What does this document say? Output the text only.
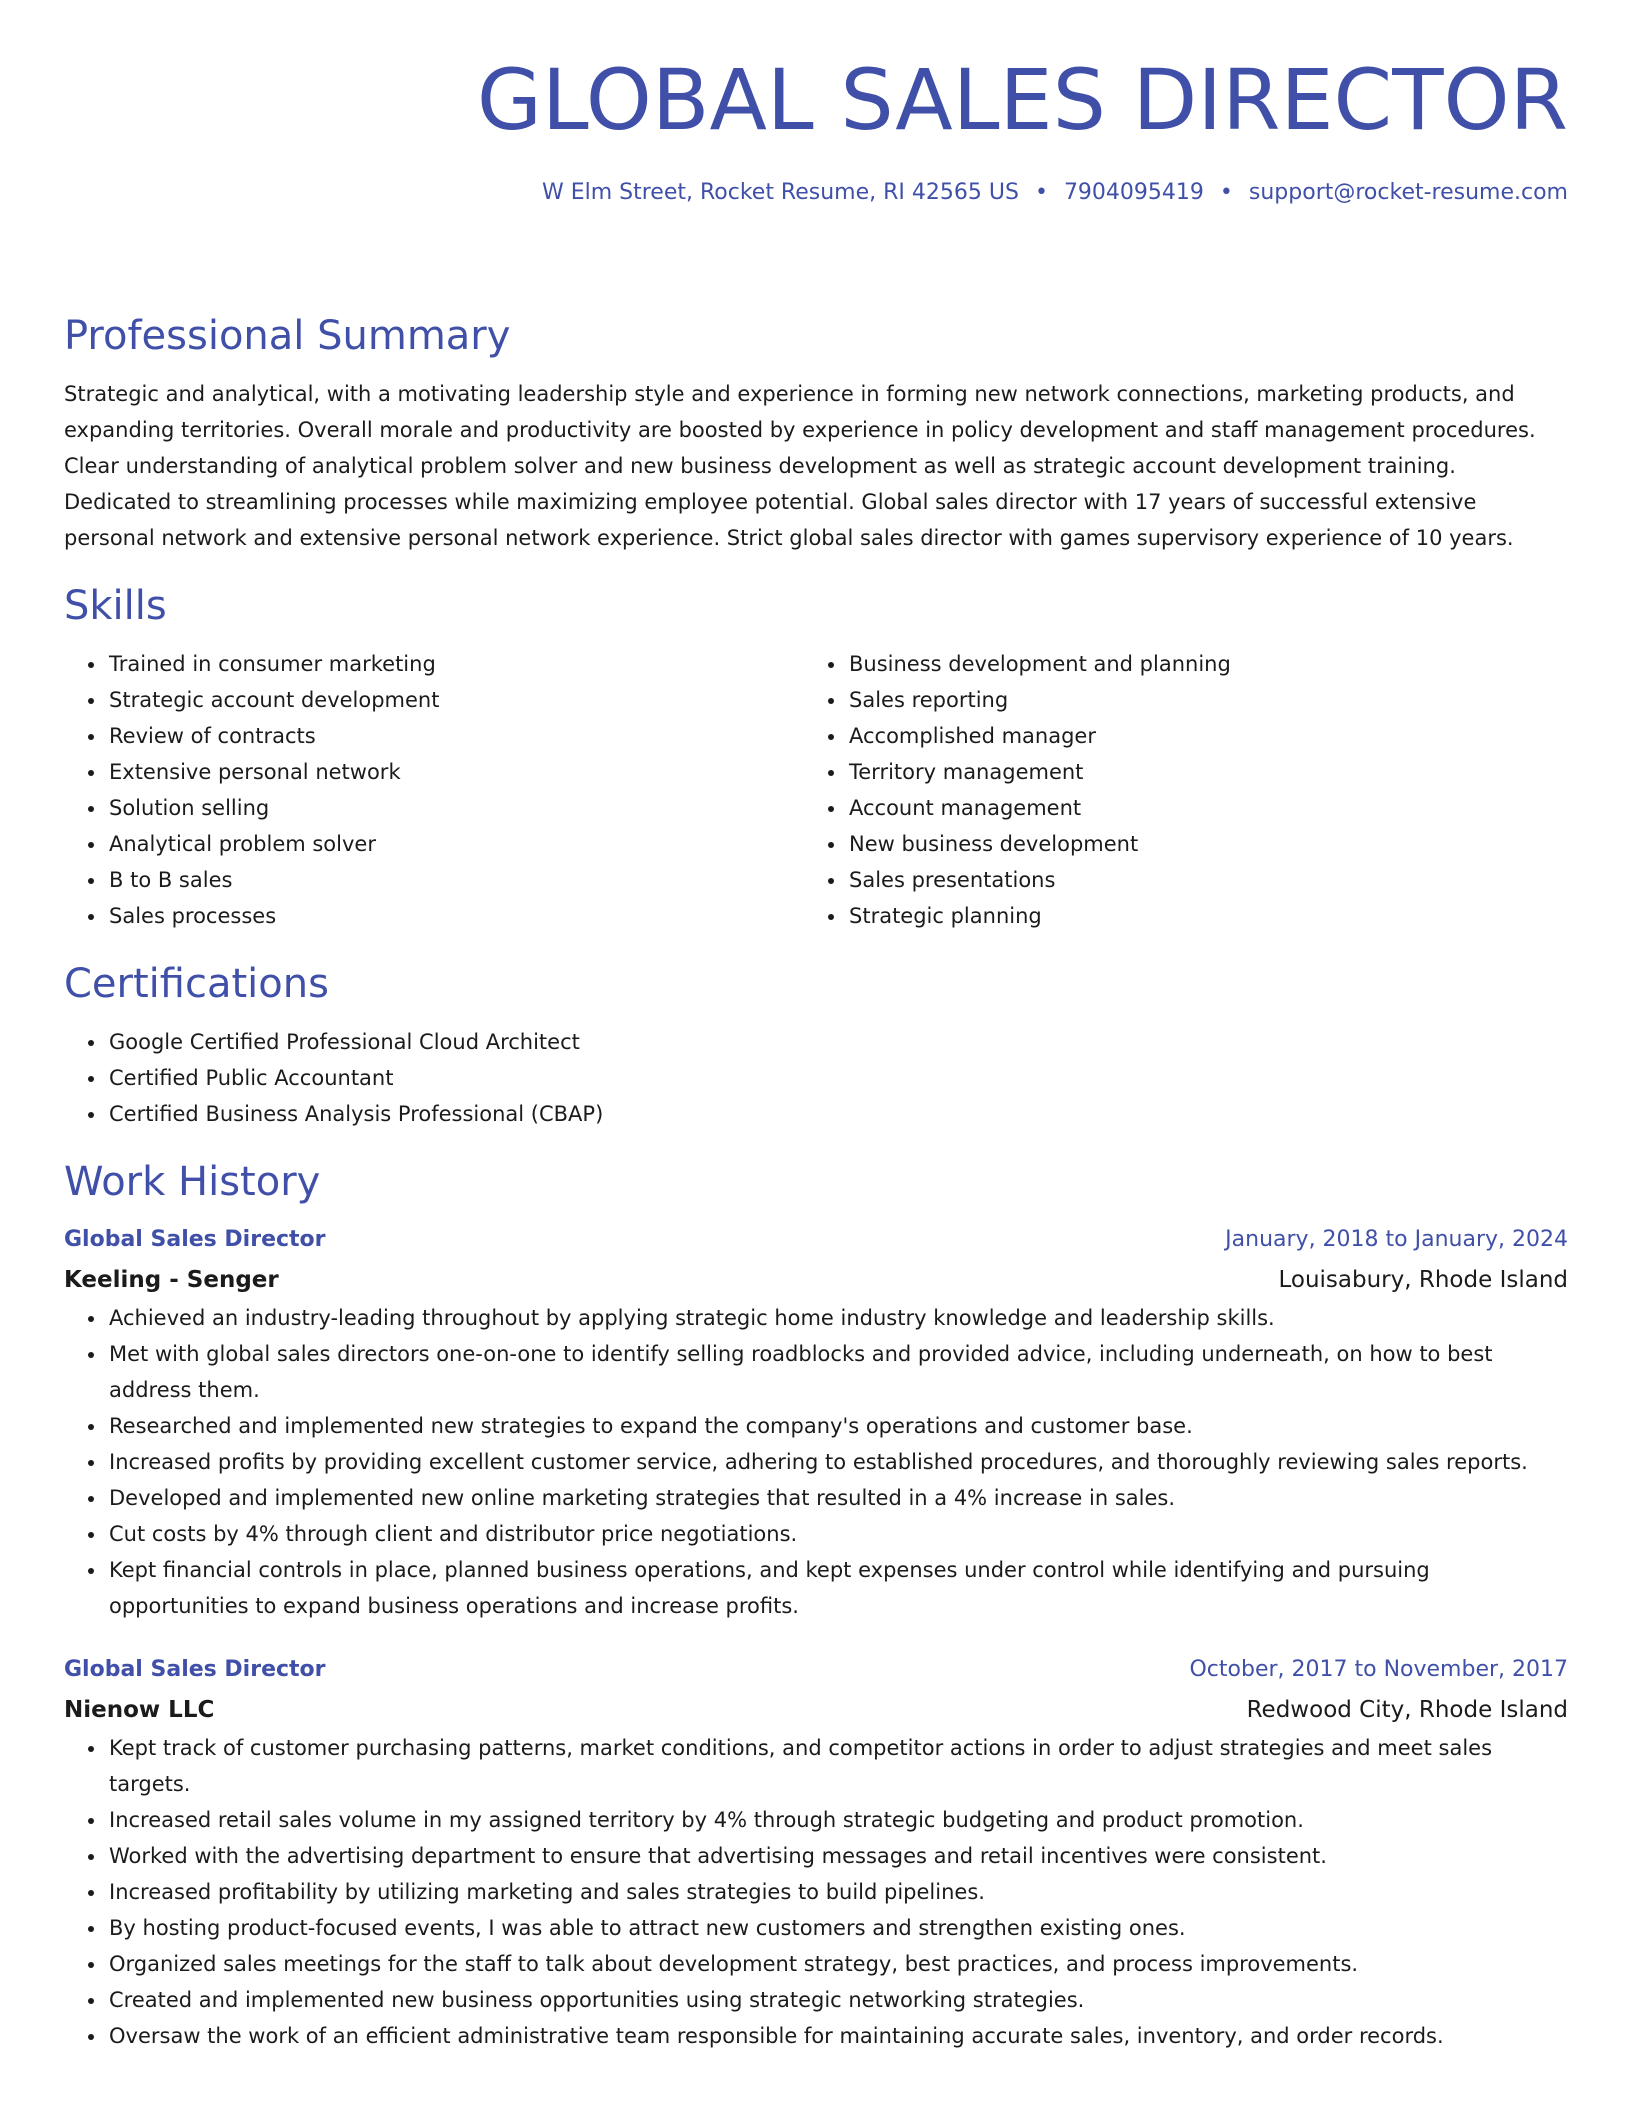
GLOBAL SALES DIRECTOR
W Elm Street, Rocket Resume, RI 42565 US • 7904095419 • support@rocket-resume.com
Professional Summary

Strategic and analytical, with a motivating leadership style and experience in forming new network connections, marketing products, and expanding territories. Overall morale and productivity are boosted by experience in policy development and staff management procedures. Clear understanding of analytical problem solver and new business development as well as strategic account development training. Dedicated to streamlining processes while maximizing employee potential. Global sales director with 17 years of successful extensive personal network and extensive personal network experience. Strict global sales director with games supervisory experience of 10 years.

Skills
• Trained in consumer marketing
• Strategic account development
• Review of contracts
• Extensive personal network
• Solution selling
• Analytical problem solver
• B to B sales
• Sales processes
• Business development and planning
• Sales reporting
• Accomplished manager
• Territory management
• Account management
• New business development
• Sales presentations
• Strategic planning
Certifications
• Google Certified Professional Cloud Architect
• Certified Public Accountant
• Certified Business Analysis Professional (CBAP)
Work History
Global Sales Director	January, 2018 to January, 2024
Keeling - Senger	Louisabury, Rhode Island
• Achieved an industry-leading throughout by applying strategic home industry knowledge and leadership skills.
• Met with global sales directors one-on-one to identify selling roadblocks and provided advice, including underneath, on how to best address them.
• Researched and implemented new strategies to expand the company's operations and customer base.
• Increased profits by providing excellent customer service, adhering to established procedures, and thoroughly reviewing sales reports.
• Developed and implemented new online marketing strategies that resulted in a 4% increase in sales.
• Cut costs by 4% through client and distributor price negotiations.
• Kept financial controls in place, planned business operations, and kept expenses under control while identifying and pursuing opportunities to expand business operations and increase profits.
Global Sales Director	October, 2017 to November, 2017
Nienow LLC	Redwood City, Rhode Island
• Kept track of customer purchasing patterns, market conditions, and competitor actions in order to adjust strategies and meet sales targets.
• Increased retail sales volume in my assigned territory by 4% through strategic budgeting and product promotion.
• Worked with the advertising department to ensure that advertising messages and retail incentives were consistent.
• Increased profitability by utilizing marketing and sales strategies to build pipelines.
• By hosting product-focused events, I was able to attract new customers and strengthen existing ones.
• Organized sales meetings for the staff to talk about development strategy, best practices, and process improvements.
• Created and implemented new business opportunities using strategic networking strategies.
• Oversaw the work of an efficient administrative team responsible for maintaining accurate sales, inventory, and order records.
